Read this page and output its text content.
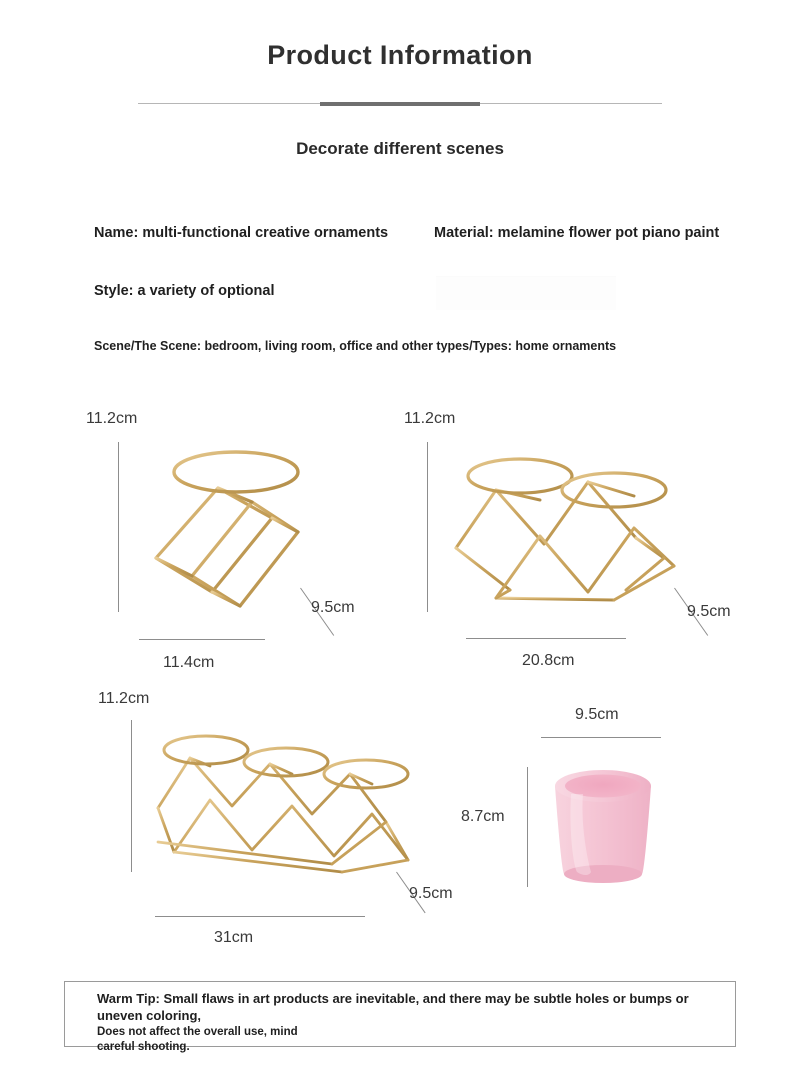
Product Information
Decorate different scenes
Name: multi-functional creative ornaments	Material: melamine flower pot piano paint
Style: a variety of optional
Scene/The Scene: bedroom, living room, office and other types/Types: home ornaments
11.2cm
9.5cm
11.4cm
11.2cm
9.5cm
20.8cm
11.2cm
9.5cm
31cm
9.5cm
8.7cm
Warm Tip: Small flaws in art products are inevitable, and there may be subtle holes or bumps or uneven coloring,
Does not affect the overall use, mind
careful shooting.
